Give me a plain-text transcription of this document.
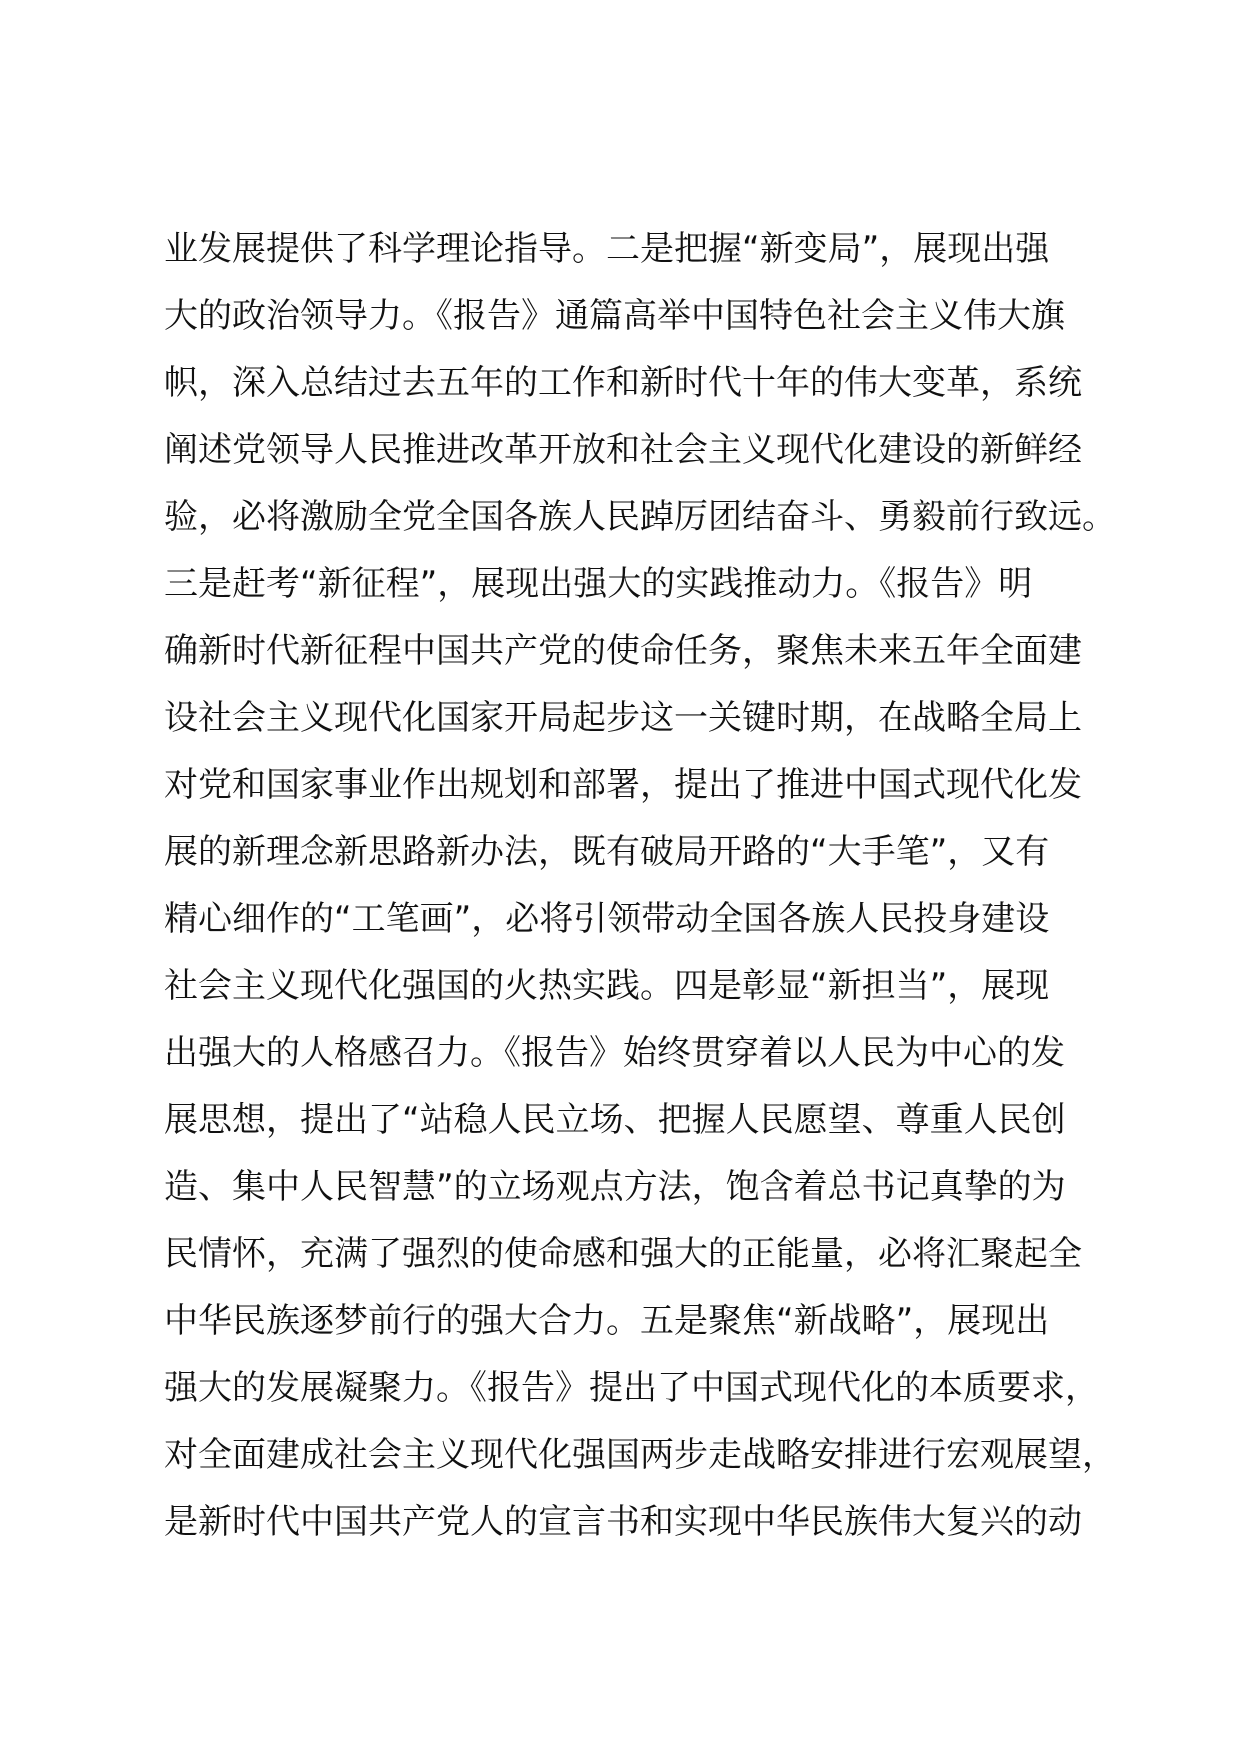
业发展提供了科学理论指导。二是把握“新变局”，展现出强
大的政治领导力。《报告》通篇高举中国特色社会主义伟大旗
帜，深入总结过去五年的工作和新时代十年的伟大变革，系统
阐述党领导人民推进改革开放和社会主义现代化建设的新鲜经
验，必将激励全党全国各族人民踔厉团结奋斗、勇毅前行致远。
三是赶考“新征程”，展现出强大的实践推动力。《报告》明
确新时代新征程中国共产党的使命任务，聚焦未来五年全面建
设社会主义现代化国家开局起步这一关键时期，在战略全局上
对党和国家事业作出规划和部署，提出了推进中国式现代化发
展的新理念新思路新办法，既有破局开路的“大手笔”，又有
精心细作的“工笔画”，必将引领带动全国各族人民投身建设
社会主义现代化强国的火热实践。四是彰显“新担当”，展现
出强大的人格感召力。《报告》始终贯穿着以人民为中心的发
展思想，提出了“站稳人民立场、把握人民愿望、尊重人民创
造、集中人民智慧”的立场观点方法，饱含着总书记真挚的为
民情怀，充满了强烈的使命感和强大的正能量，必将汇聚起全
中华民族逐梦前行的强大合力。五是聚焦“新战略”，展现出
强大的发展凝聚力。《报告》提出了中国式现代化的本质要求，
对全面建成社会主义现代化强国两步走战略安排进行宏观展望，
是新时代中国共产党人的宣言书和实现中华民族伟大复兴的动
